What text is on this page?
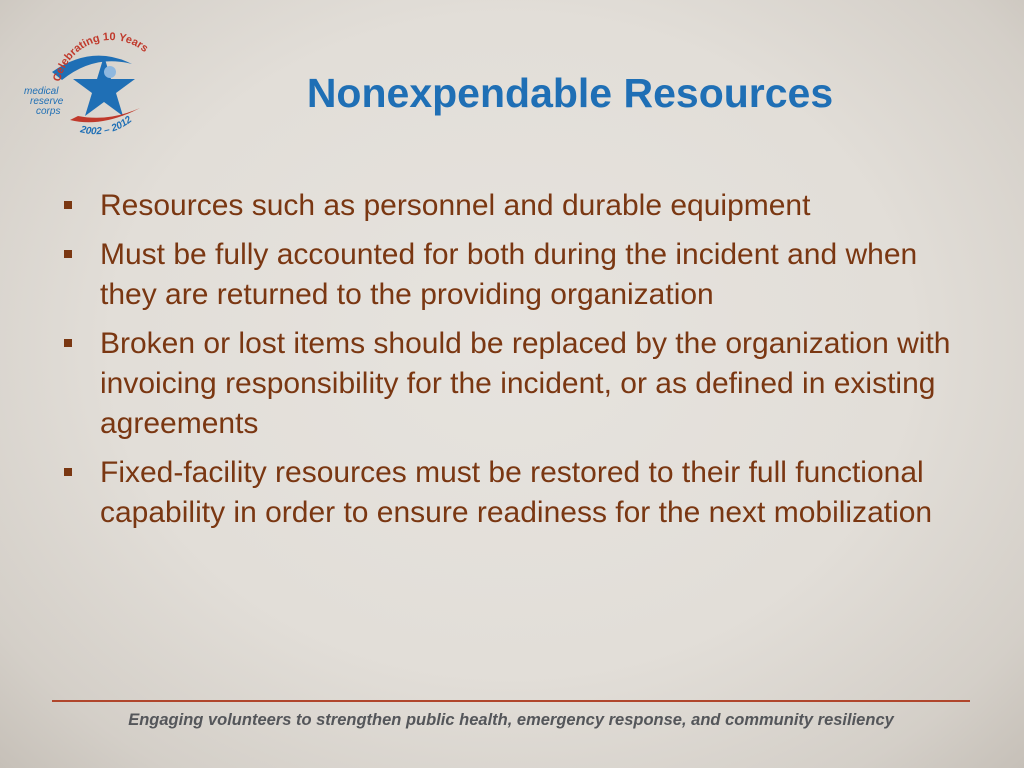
Celebrating 10 Years
2002 – 2012
medical
reserve
corps	Nonexpendable Resources
Resources such as personnel and durable equipment
Must be fully accounted for both during the incident and when they are returned to the providing organization
Broken or lost items should be replaced by the organization with invoicing responsibility for the incident, or as defined in existing agreements
Fixed-facility resources must be restored to their full functional capability in order to ensure readiness for the next mobilization
Engaging volunteers to strengthen public health, emergency response, and community resiliency
